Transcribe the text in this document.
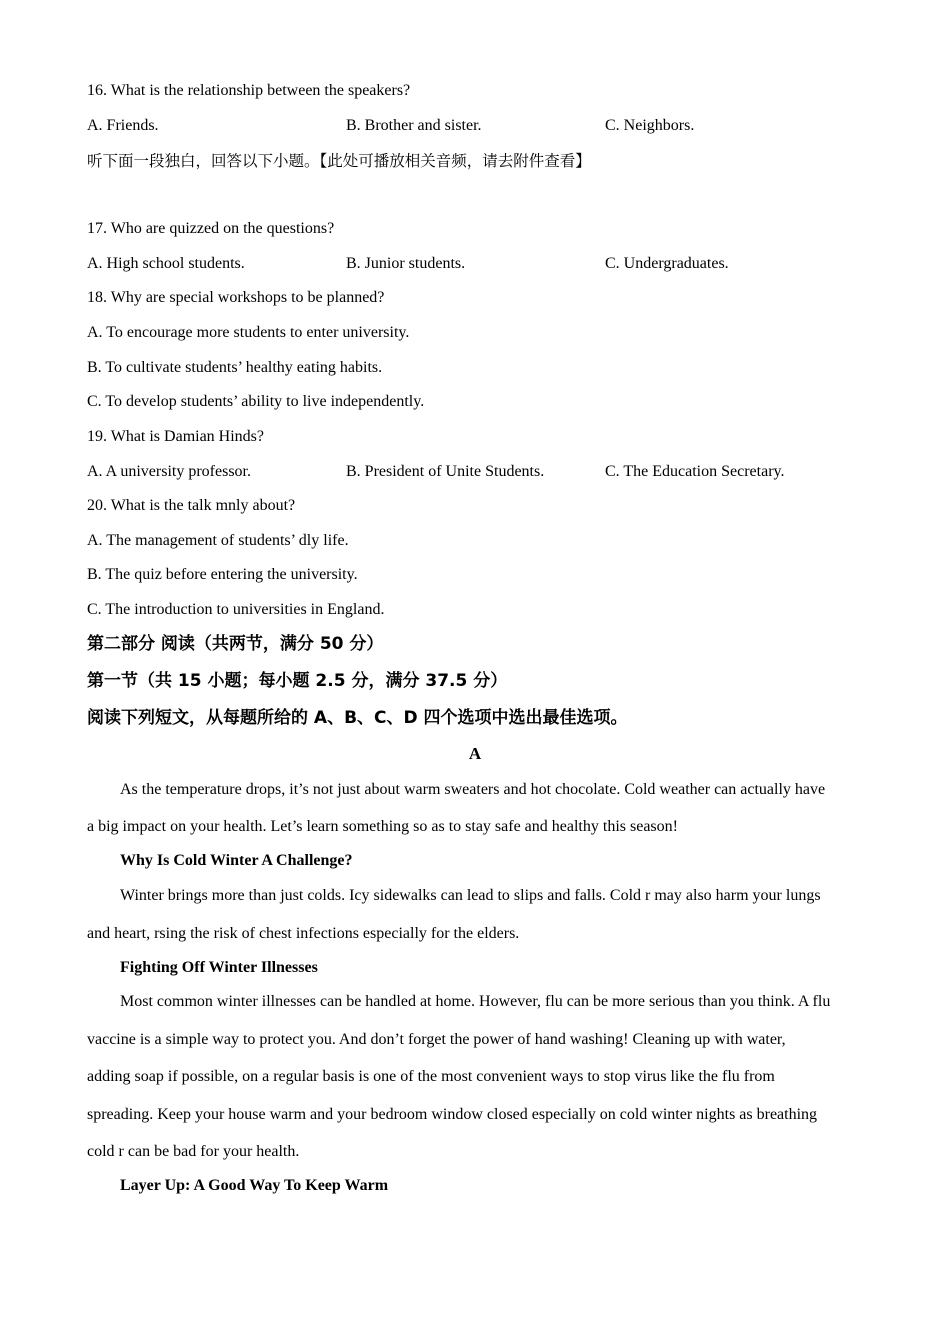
16. What is the relationship between the speakers?
A. Friends.	B. Brother and sister.	C. Neighbors.
听下面一段独白，回答以下小题。【此处可播放相关音频，请去附件查看】
17. Who are quizzed on the questions?
A. High school students.	B. Junior students.	C. Undergraduates.
18. Why are special workshops to be planned?
A. To encourage more students to enter university.
B. To cultivate students’ healthy eating habits.
C. To develop students’ ability to live independently.
19. What is Damian Hinds?
A. A university professor.	B. President of Unite Students.	C. The Education Secretary.
20. What is the talk mnly about?
A. The management of students’ dly life.
B. The quiz before entering the university.
C. The introduction to universities in England.
第二部分 阅读（共两节，满分 50 分）
第一节（共 15 小题；每小题 2.5 分，满分 37.5 分）
阅读下列短文，从每题所给的 A、B、C、D 四个选项中选出最佳选项。
A
As the temperature drops, it’s not just about warm sweaters and hot chocolate. Cold weather can actually have
a big impact on your health. Let’s learn something so as to stay safe and healthy this season!
Why Is Cold Winter A Challenge?
Winter brings more than just colds. Icy sidewalks can lead to slips and falls. Cold r may also harm your lungs
and heart, rsing the risk of chest infections especially for the elders.
Fighting Off Winter Illnesses
Most common winter illnesses can be handled at home. However, flu can be more serious than you think. A flu
vaccine is a simple way to protect you. And don’t forget the power of hand washing! Cleaning up with water,
adding soap if possible, on a regular basis is one of the most convenient ways to stop virus like the flu from
spreading. Keep your house warm and your bedroom window closed especially on cold winter nights as breathing
cold r can be bad for your health.
Layer Up: A Good Way To Keep Warm
